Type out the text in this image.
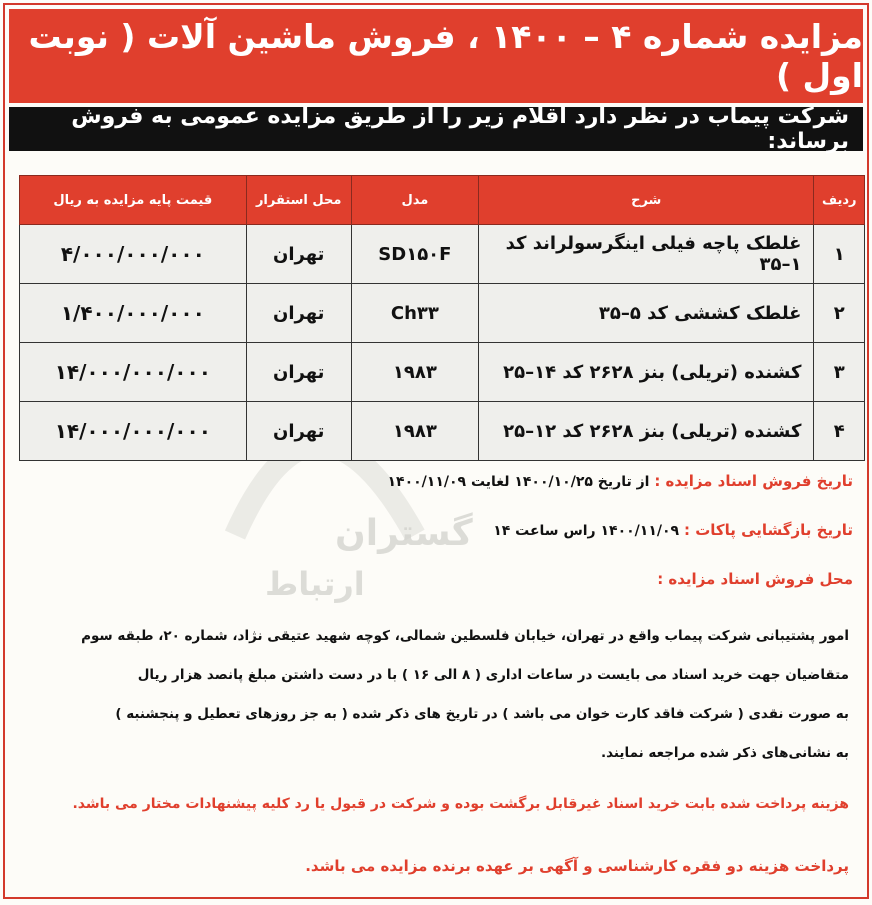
مزایده شماره ۴ – ۱۴۰۰ ، فروش ماشین آلات ( نوبت اول )
شرکت پیماب در نظر دارد اقلام زیر را از طریق مزایده عمومی به فروش برساند:
گستران
ارتباط
ردیف	شرح	مدل	محل استقرار	قیمت پایه مزایده به ریال
۱	غلطک پاچه فیلی اینگرسولراند کد ۱–۳۵	SD۱۵۰F	تهران	۴/۰۰۰/۰۰۰/۰۰۰
۲	غلطک کششی کد ۵–۳۵	Ch۳۳	تهران	۱/۴۰۰/۰۰۰/۰۰۰
۳	کشنده (تریلی) بنز ۲۶۲۸ کد ۱۴–۲۵	۱۹۸۳	تهران	۱۴/۰۰۰/۰۰۰/۰۰۰
۴	کشنده (تریلی) بنز ۲۶۲۸ کد ۱۲–۲۵	۱۹۸۳	تهران	۱۴/۰۰۰/۰۰۰/۰۰۰
تاریخ فروش اسناد مزایده : از تاریخ ۱۴۰۰/۱۰/۲۵ لغایت ۱۴۰۰/۱۱/۰۹
تاریخ بازگشایی پاکات : ۱۴۰۰/۱۱/۰۹ راس ساعت ۱۴
محل فروش اسناد مزایده :
امور پشتیبانی شرکت پیماب واقع در تهران، خیابان فلسطین شمالی، کوچه شهید عتیقی نژاد، شماره ۲۰، طبقه سوم
متقاضیان جهت خرید اسناد می بایست در ساعات اداری ( ۸ الی ۱۶ ) با در دست داشتن مبلغ پانصد هزار ریال
به صورت نقدی ( شرکت فاقد کارت خوان می باشد ) در تاریخ های ذکر شده ( به جز روزهای تعطیل و پنجشنبه )
به نشانی‌های ذکر شده مراجعه نمایند.
هزینه پرداخت شده بابت خرید اسناد غیرقابل برگشت بوده و شرکت در قبول یا رد کلیه پیشنهادات مختار می باشد.
پرداخت هزینه دو فقره کارشناسی و آگهی بر عهده برنده مزایده می باشد.
